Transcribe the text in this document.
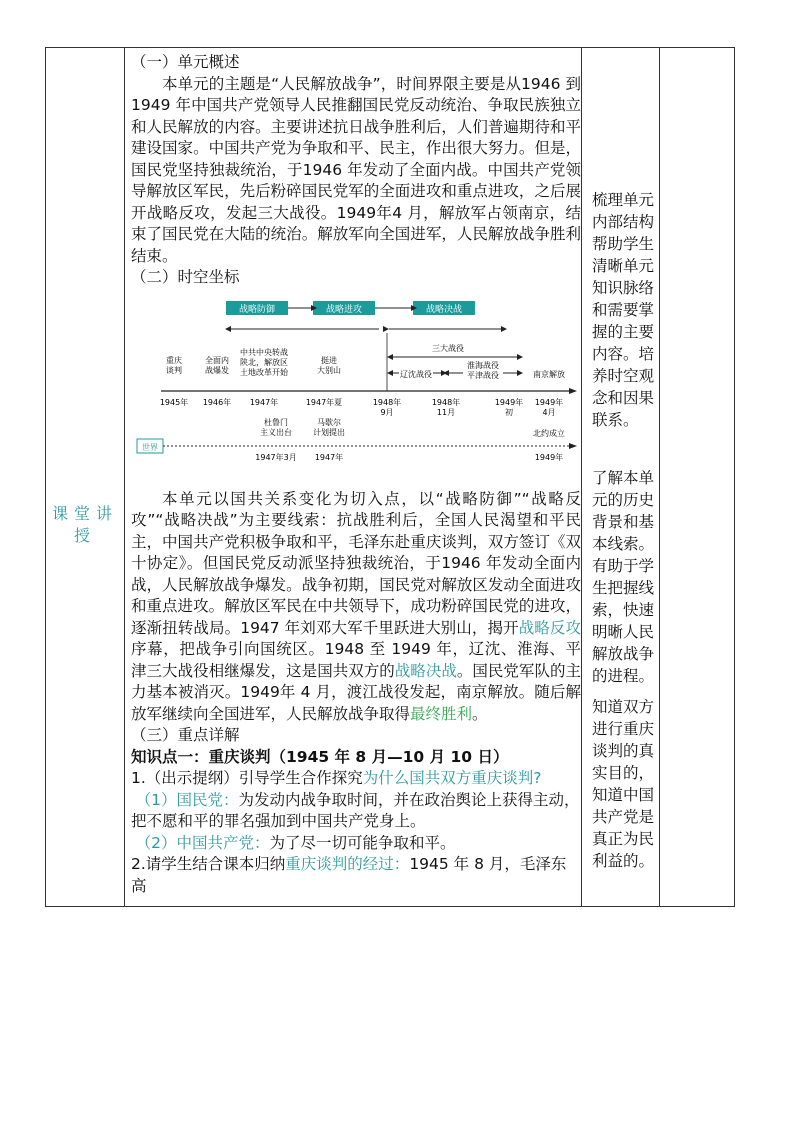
课堂讲授

（一）单元概述

本单元的主题是“人民解放战争”，时间界限主要是从1946 到1949 年中国共产党领导人民推翻国民党反动统治、争取民族独立和人民解放的内容。主要讲述抗日战争胜利后，人们普遍期待和平建设国家。中国共产党为争取和平、民主，作出很大努力。但是，国民党坚持独裁统治，于1946 年发动了全面内战。中国共产党领导解放区军民，先后粉碎国民党军的全面进攻和重点进攻，之后展开战略反攻，发起三大战役。1949年4 月，解放军占领南京，结束了国民党在大陆的统治。解放军向全国进军，人民解放战争胜利结束。

（二）时空坐标

战略防御	战略进攻	战略决战
重庆谈判
全面内战爆发
中共中央转战陕北，解放区土地改革开始
挺进大别山
三大战役
淮海战役
平津战役
辽沈战役	南京解放
1945年 1946年 1947年	1947年夏	1948年 9月
1948年 11月
1949年初
1949年 4月
世界
杜鲁门主义出台
马歇尔计划提出	北约成立
1947年3月 1947年	1949年

本单元以国共关系变化为切入点，以“战略防御”“战略反攻”“战略决战”为主要线索：抗战胜利后，全国人民渴望和平民主，中国共产党积极争取和平，毛泽东赴重庆谈判，双方签订《双十协定》。但国民党反动派坚持独裁统治，于1946 年发动全面内战，人民解放战争爆发。战争初期，国民党对解放区发动全面进攻和重点进攻。解放区军民在中共领导下，成功粉碎国民党的进攻，逐渐扭转战局。1947 年刘邓大军千里跃进大别山，揭开战略反攻序幕，把战争引向国统区。1948 至 1949 年，辽沈、淮海、平津三大战役相继爆发，这是国共双方的战略决战。国民党军队的主力基本被消灭。1949年 4 月，渡江战役发起，南京解放。随后解放军继续向全国进军，人民解放战争取得最终胜利。

（三）重点详解

知识点一：重庆谈判（1945 年 8 月—10 月 10 日）

1.（出示提纲）引导学生合作探究为什么国共双方重庆谈判?

（1）国民党：为发动内战争取时间，并在政治舆论上获得主动，把不愿和平的罪名强加到中国共产党身上。

（2）中国共产党：为了尽一切可能争取和平。

2.请学生结合课本归纳重庆谈判的经过：1945 年 8 月，毛泽东高

梳理单元内部结构帮助学生清晰单元知识脉络和需要掌握的主要内容。培养时空观念和因果联系。
了解本单元的历史背景和基本线索。有助于学生把握线索，快速明晰人民解放战争的进程。
知道双方进行重庆谈判的真实目的，知道中国共产党是真正为民利益的。
